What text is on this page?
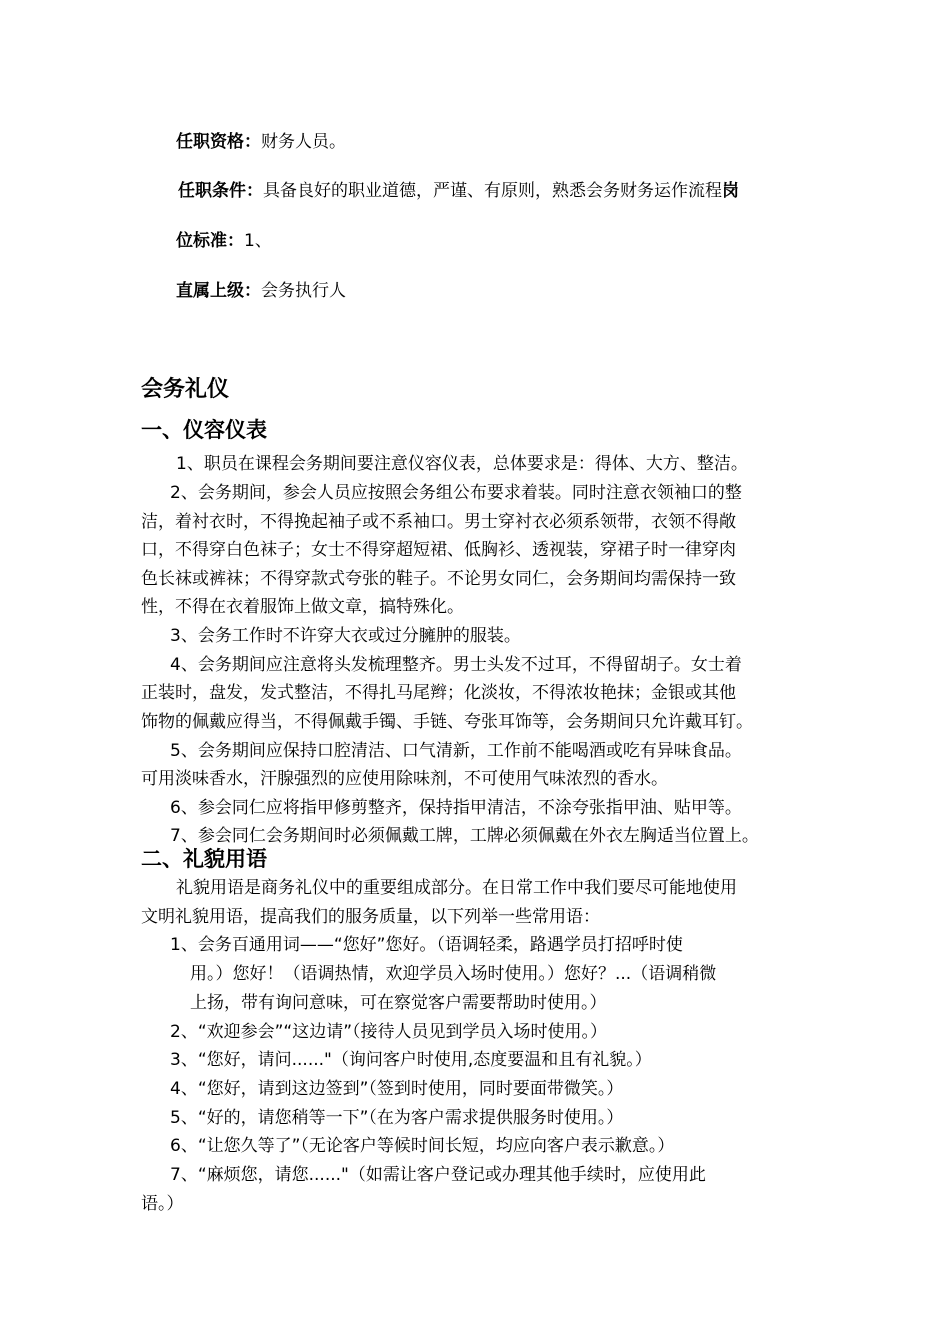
任职资格：财务人员。
任职条件：具备良好的职业道德，严谨、有原则，熟悉会务财务运作流程岗
位标准：1、
直属上级：会务执行人
会务礼仪
一、仪容仪表
1、职员在课程会务期间要注意仪容仪表，总体要求是：得体、大方、整洁。
2、会务期间，参会人员应按照会务组公布要求着装。同时注意衣领袖口的整
洁，着衬衣时，不得挽起袖子或不系袖口。男士穿衬衣必须系领带，衣领不得敞
口，不得穿白色袜子；女士不得穿超短裙、低胸衫、透视装，穿裙子时一律穿肉
色长袜或裤袜；不得穿款式夸张的鞋子。不论男女同仁，会务期间均需保持一致
性，不得在衣着服饰上做文章，搞特殊化。
3、会务工作时不许穿大衣或过分臃肿的服装。
4、会务期间应注意将头发梳理整齐。男士头发不过耳，不得留胡子。女士着
正装时，盘发，发式整洁，不得扎马尾辫；化淡妆，不得浓妆艳抹；金银或其他
饰物的佩戴应得当，不得佩戴手镯、手链、夸张耳饰等，会务期间只允许戴耳钉。
5、会务期间应保持口腔清洁、口气清新，工作前不能喝酒或吃有异味食品。
可用淡味香水，汗腺强烈的应使用除味剂，不可使用气味浓烈的香水。
6、参会同仁应将指甲修剪整齐，保持指甲清洁，不涂夸张指甲油、贴甲等。
7、参会同仁会务期间时必须佩戴工牌，工牌必须佩戴在外衣左胸适当位置上。
二、礼貌用语
礼貌用语是商务礼仪中的重要组成部分。在日常工作中我们要尽可能地使用
文明礼貌用语，提高我们的服务质量，以下列举一些常用语：
1、会务百通用词——“您好”您好。（语调轻柔，路遇学员打招呼时使
用。）您好！（语调热情，欢迎学员入场时使用。）您好？...（语调稍微
上扬，带有询问意味，可在察觉客户需要帮助时使用。）
2、“欢迎参会”“这边请”（接待人员见到学员入场时使用。）
3、“您好，请问......"（询问客户时使用,态度要温和且有礼貌。）
4、“您好，请到这边签到”（签到时使用，同时要面带微笑。）
5、“好的，请您稍等一下”（在为客户需求提供服务时使用。）
6、“让您久等了”（无论客户等候时间长短，均应向客户表示歉意。）
7、“麻烦您，请您......"（如需让客户登记或办理其他手续时，应使用此
语。）
